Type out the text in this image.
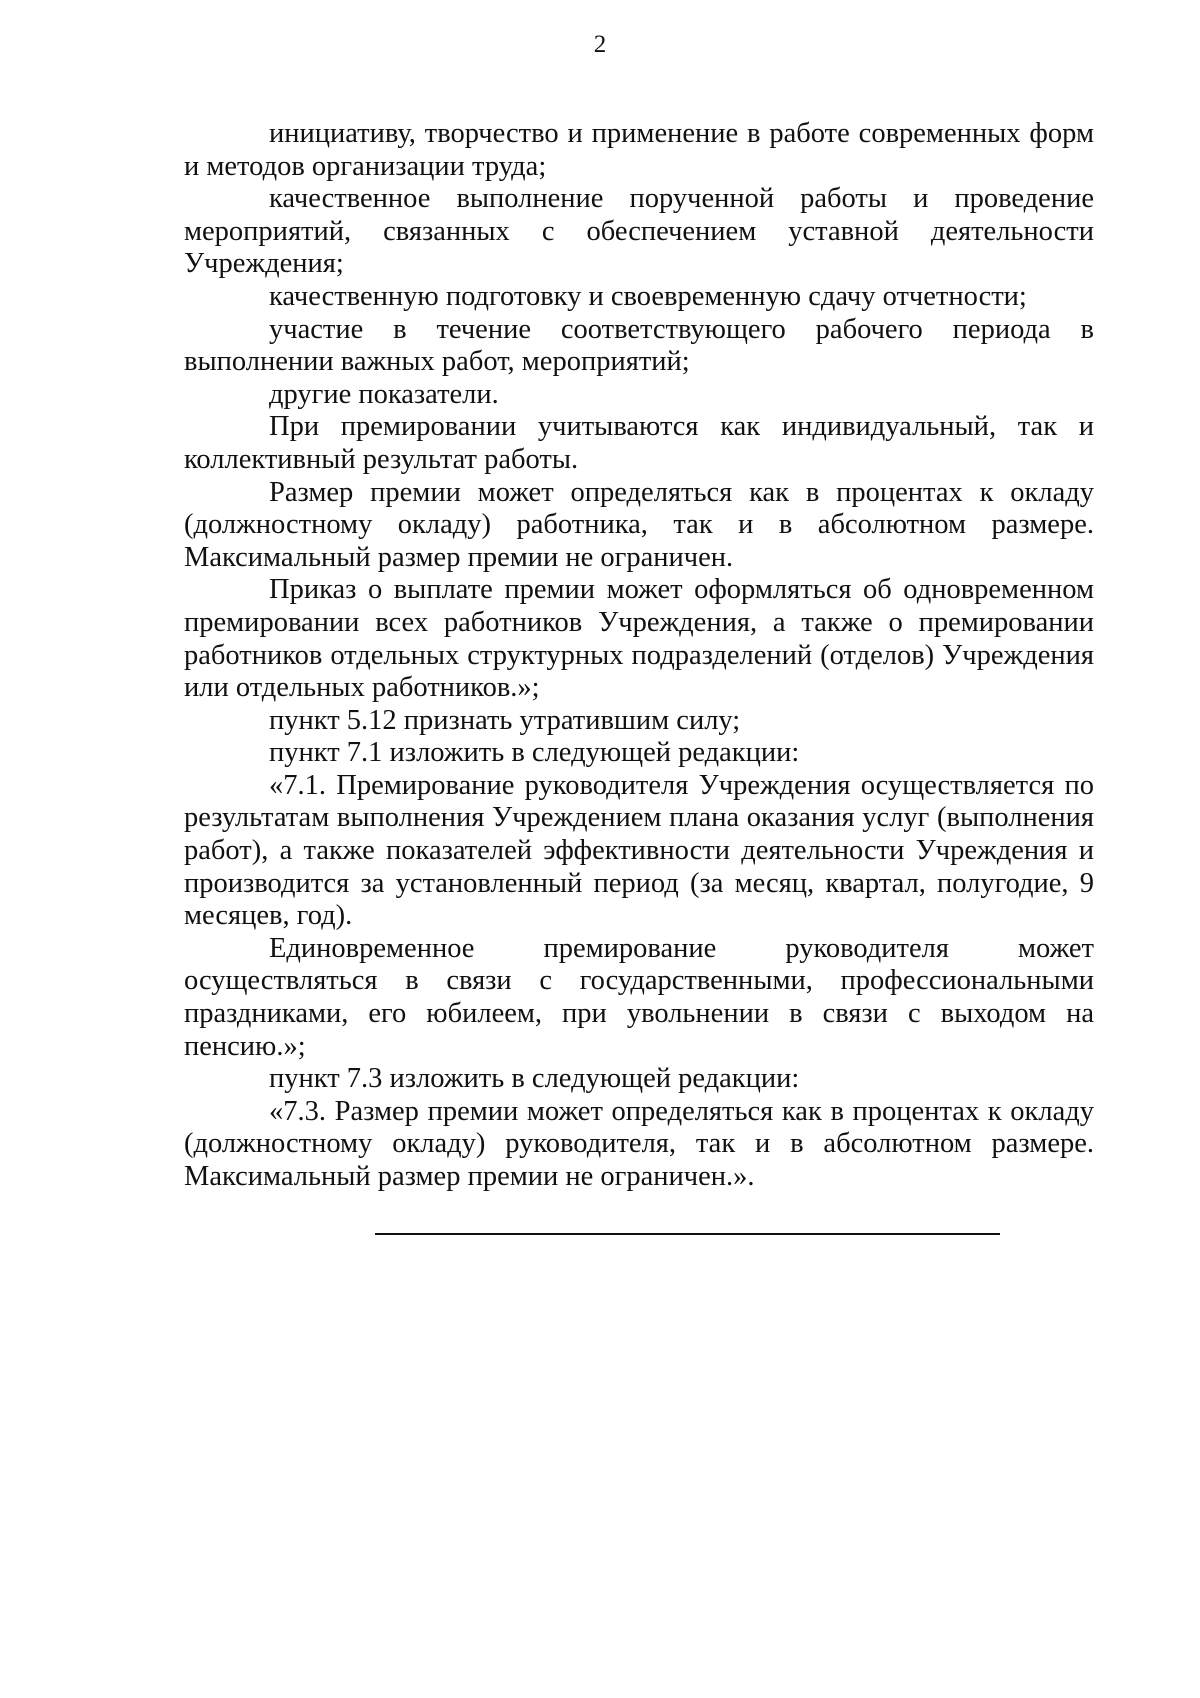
2

инициативу, творчество и применение в работе современных форм и методов организации труда;

качественное выполнение порученной работы и проведение мероприятий, связанных с обеспечением уставной деятельности Учреждения;

качественную подготовку и своевременную сдачу отчетности;

участие в течение соответствующего рабочего периода в выполнении важных работ, мероприятий;

другие показатели.

При премировании учитываются как индивидуальный, так и коллективный результат работы.

Размер премии может определяться как в процентах к окладу (должностному окладу) работника, так и в абсолютном размере. Максимальный размер премии не ограничен.

Приказ о выплате премии может оформляться об одновременном премировании всех работников Учреждения, а также о премировании работников отдельных структурных подразделений (отделов) Учреждения или отдельных работников.»;

пункт 5.12 признать утратившим силу;

пункт 7.1 изложить в следующей редакции:

«7.1. Премирование руководителя Учреждения осуществляется по результатам выполнения Учреждением плана оказания услуг (выполнения работ), а также показателей эффективности деятельности Учреждения и производится за установленный период (за месяц, квартал, полугодие, 9 месяцев, год).

Единовременное премирование руководителя может осуществляться в связи с государственными, профессиональными праздниками, его юбилеем, при увольнении в связи с выходом на пенсию.»;

пункт 7.3 изложить в следующей редакции:

«7.3. Размер премии может определяться как в процентах к окладу (должностному окладу) руководителя, так и в абсолютном размере. Максимальный размер премии не ограничен.».
